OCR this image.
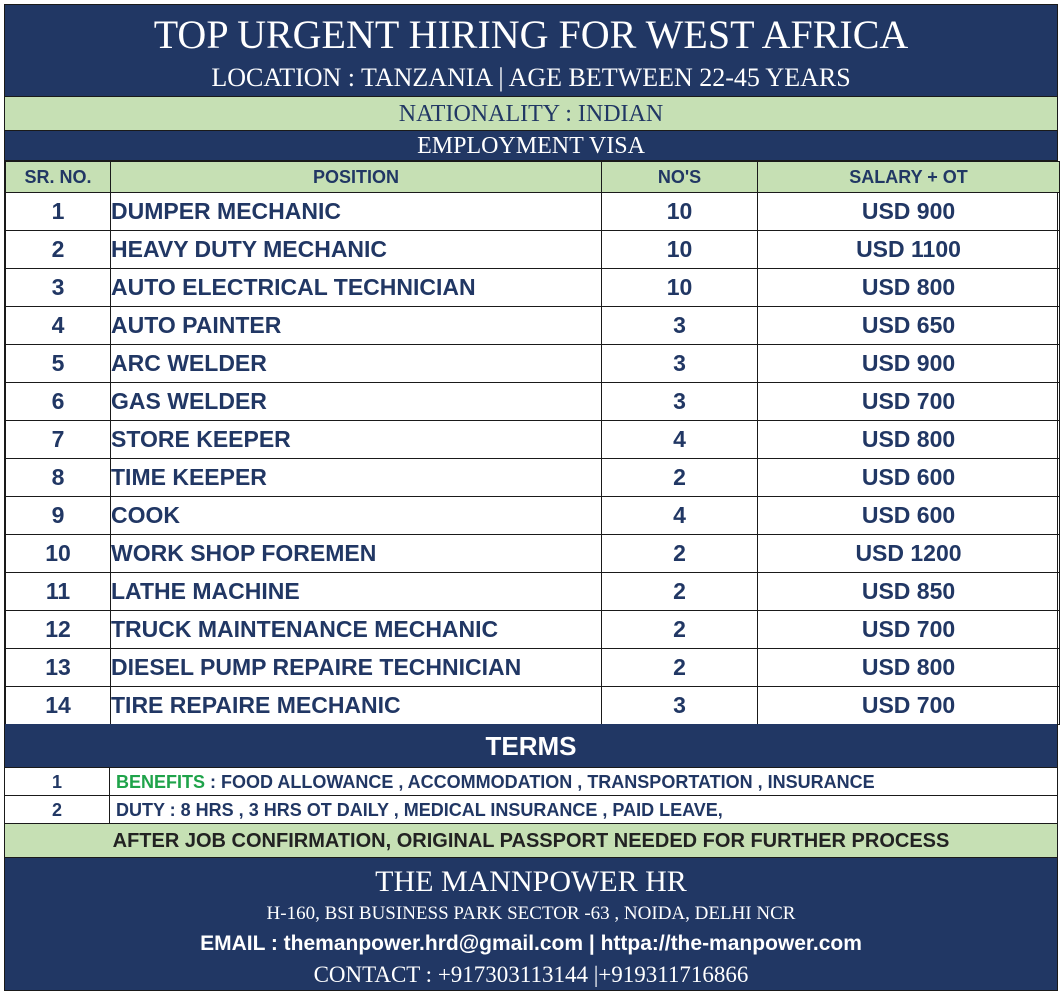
TOP URGENT HIRING FOR WEST AFRICA
LOCATION : TANZANIA | AGE BETWEEN 22-45 YEARS
NATIONALITY : INDIAN
EMPLOYMENT VISA
SR. NO.	POSITION	NO'S	SALARY + OT
1	DUMPER MECHANIC	10	USD 900
2	HEAVY DUTY MECHANIC	10	USD 1100
3	AUTO ELECTRICAL TECHNICIAN	10	USD 800
4	AUTO PAINTER	3	USD 650
5	ARC WELDER	3	USD 900
6	GAS WELDER	3	USD 700
7	STORE KEEPER	4	USD 800
8	TIME KEEPER	2	USD 600
9	COOK	4	USD 600
10	WORK SHOP FOREMEN	2	USD 1200
11	LATHE MACHINE	2	USD 850
12	TRUCK MAINTENANCE MECHANIC	2	USD 700
13	DIESEL PUMP REPAIRE TECHNICIAN	2	USD 800
14	TIRE REPAIRE MECHANIC	3	USD 700
TERMS
1	BENEFITS : FOOD ALLOWANCE , ACCOMMODATION , TRANSPORTATION , INSURANCE
2	DUTY : 8 HRS , 3 HRS OT DAILY , MEDICAL INSURANCE , PAID LEAVE,
AFTER JOB CONFIRMATION, ORIGINAL PASSPORT NEEDED FOR FURTHER PROCESS
THE MANNPOWER HR
H-160, BSI BUSINESS PARK SECTOR -63 , NOIDA, DELHI NCR
EMAIL : themanpower.hrd@gmail.com | httpa://the-manpower.com
CONTACT : +917303113144 |+919311716866
